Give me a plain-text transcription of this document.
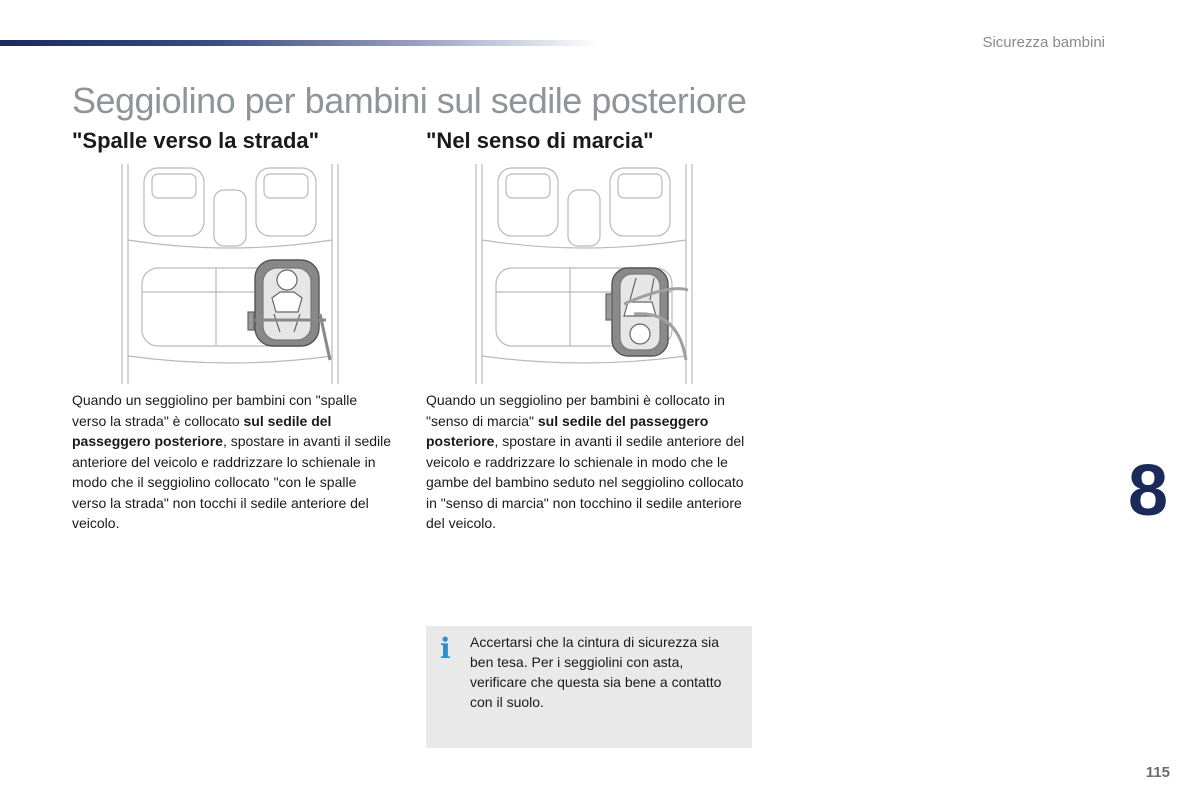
Sicurezza bambini
Seggiolino per bambini sul sedile posteriore
"Spalle verso la strada"	"Nel senso di marcia"

Quando un seggiolino per bambini con "spalle verso la strada" è collocato sul sedile del passeggero posteriore, spostare in avanti il sedile anteriore del veicolo e raddrizzare lo schienale in modo che il seggiolino collocato "con le spalle verso la strada" non tocchi il sedile anteriore del veicolo.

Quando un seggiolino per bambini è collocato in "senso di marcia" sul sedile del passeggero posteriore, spostare in avanti il sedile anteriore del veicolo e raddrizzare lo schienale in modo che le gambe del bambino seduto nel seggiolino collocato in "senso di marcia" non tocchino il sedile anteriore del veicolo.

i Accertarsi che la cintura di sicurezza sia ben tesa. Per i seggiolini con asta, verificare che questa sia bene a contatto con il suolo.

8
115
